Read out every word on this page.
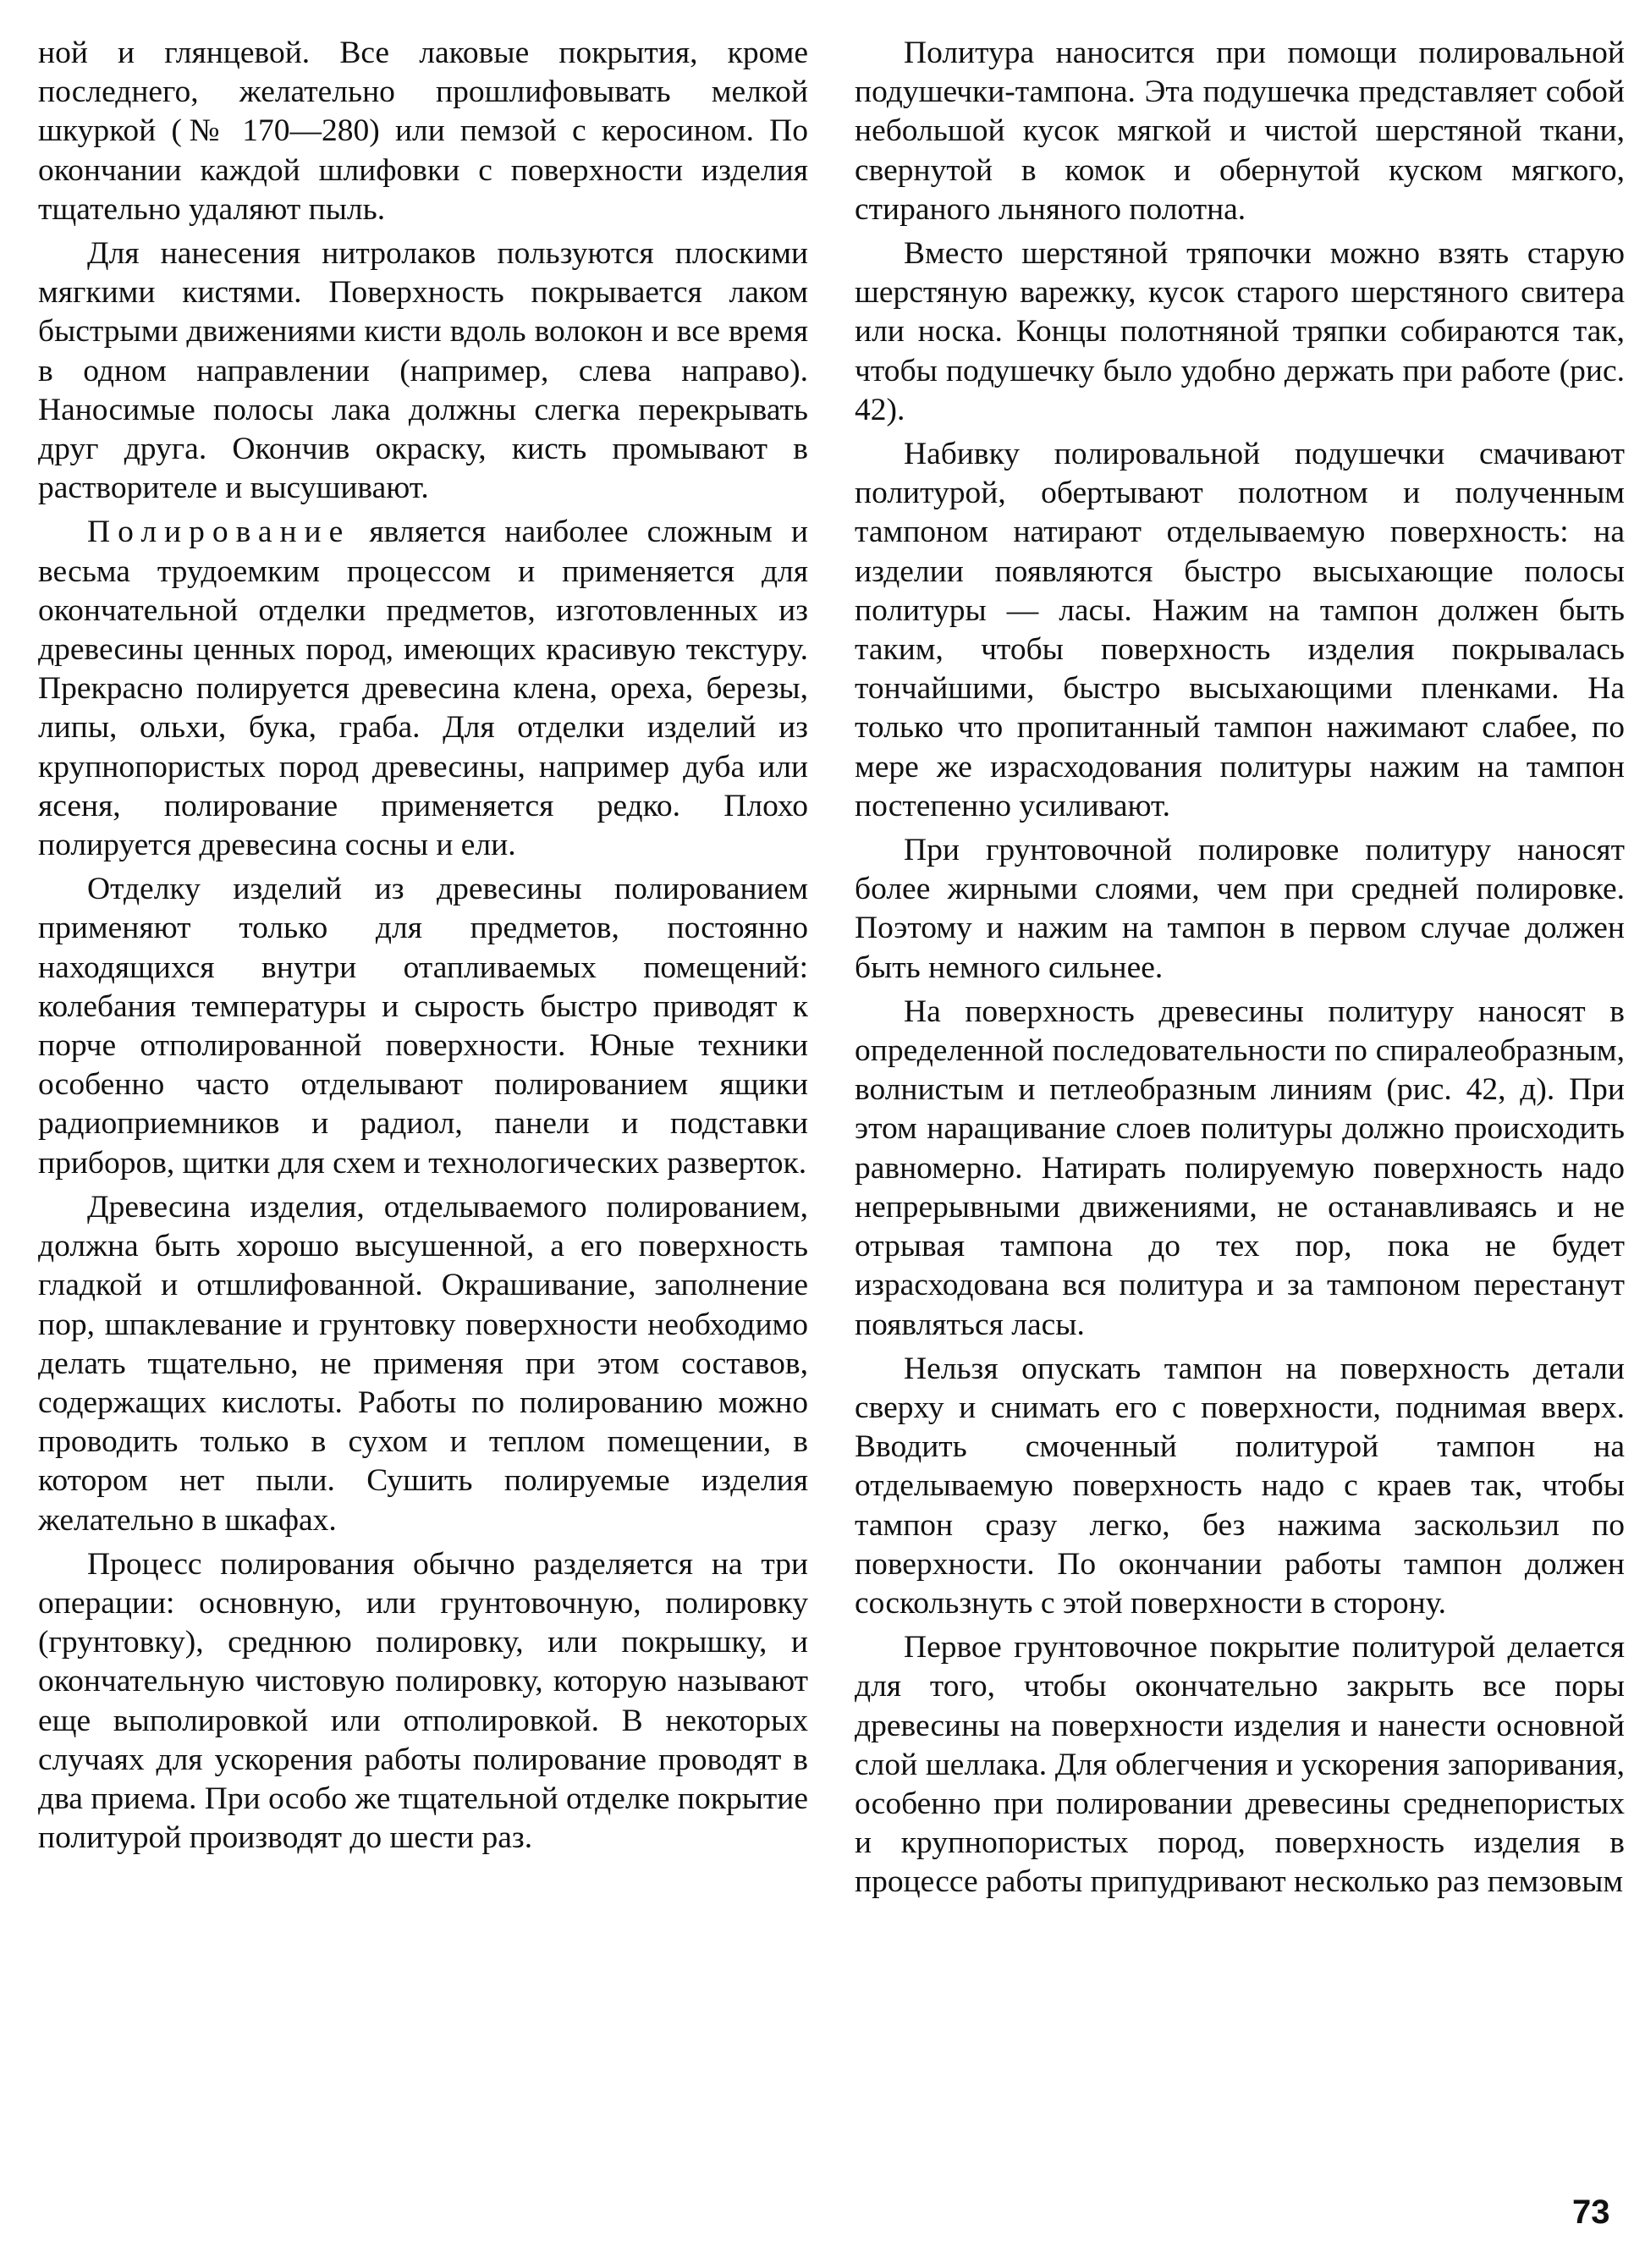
ной и глянцевой. Все лаковые покрытия, кроме последнего, желательно прошлифовывать мелкой шкуркой (№ 170—280) или пемзой с керосином. По окончании каждой шлифовки с поверхности изделия тщательно удаляют пыль.

Для нанесения нитролаков пользуются плоскими мягкими кистями. Поверхность покрывается лаком быстрыми движениями кисти вдоль волокон и все время в одном направлении (например, слева направо). Наносимые полосы лака должны слегка перекрывать друг друга. Окончив окраску, кисть промывают в растворителе и высушивают.

Полирование является наиболее сложным и весьма трудоемким процессом и применяется для окончательной отделки предметов, изготовленных из древесины ценных пород, имеющих красивую текстуру. Прекрасно полируется древесина клена, ореха, березы, липы, ольхи, бука, граба. Для отделки изделий из крупнопористых пород древесины, например дуба или ясеня, полирование применяется редко. Плохо полируется древесина сосны и ели.

Отделку изделий из древесины полированием применяют только для предметов, постоянно находящихся внутри отапливаемых помещений: колебания температуры и сырость быстро приводят к порче отполированной поверхности. Юные техники особенно часто отделывают полированием ящики радиоприемников и радиол, панели и подставки приборов, щитки для схем и технологических разверток.

Древесина изделия, отделываемого полированием, должна быть хорошо высушенной, а его поверхность гладкой и отшлифованной. Окрашивание, заполнение пор, шпаклевание и грунтовку поверхности необходимо делать тщательно, не применяя при этом составов, содержащих кислоты. Работы по полированию можно проводить только в сухом и теплом помещении, в котором нет пыли. Сушить полируемые изделия желательно в шкафах.

Процесс полирования обычно разделяется на три операции: основную, или грунтовочную, полировку (грунтовку), среднюю полировку, или покрышку, и окончательную чистовую полировку, которую называют еще выполировкой или отполировкой. В некоторых случаях для ускорения работы полирование проводят в два приема. При особо же тщательной отделке покрытие политурой производят до шести раз.

Политура наносится при помощи полировальной подушечки-тампона. Эта подушечка представляет собой небольшой кусок мягкой и чистой шерстяной ткани, свернутой в комок и обернутой куском мягкого, стираного льняного полотна.

Вместо шерстяной тряпочки можно взять старую шерстяную варежку, кусок старого шерстяного свитера или носка. Концы полотняной тряпки собираются так, чтобы подушечку было удобно держать при работе (рис. 42).

Набивку полировальной подушечки смачивают политурой, обертывают полотном и полученным тампоном натирают отделываемую поверхность: на изделии появляются быстро высыхающие полосы политуры — ласы. Нажим на тампон должен быть таким, чтобы поверхность изделия покрывалась тончайшими, быстро высыхающими пленками. На только что пропитанный тампон нажимают слабее, по мере же израсходования политуры нажим на тампон постепенно усиливают.

При грунтовочной полировке политуру наносят более жирными слоями, чем при средней полировке. Поэтому и нажим на тампон в первом случае должен быть немного сильнее.

На поверхность древесины политуру наносят в определенной последовательности по спиралеобразным, волнистым и петлеобразным линиям (рис. 42, д). При этом наращивание слоев политуры должно происходить равномерно. Натирать полируемую поверхность надо непрерывными движениями, не останавливаясь и не отрывая тампона до тех пор, пока не будет израсходована вся политура и за тампоном перестанут появляться ласы.

Нельзя опускать тампон на поверхность детали сверху и снимать его с поверхности, поднимая вверх. Вводить смоченный политурой тампон на отделываемую поверхность надо с краев так, чтобы тампон сразу легко, без нажима заскользил по поверхности. По окончании работы тампон должен соскользнуть с этой поверхности в сторону.

Первое грунтовочное покрытие политурой делается для того, чтобы окончательно закрыть все поры древесины на поверхности изделия и нанести основной слой шеллака. Для облегчения и ускорения запоривания, особенно при полировании древесины среднепористых и крупнопористых пород, поверхность изделия в процессе работы припудривают несколько раз пемзовым

73
